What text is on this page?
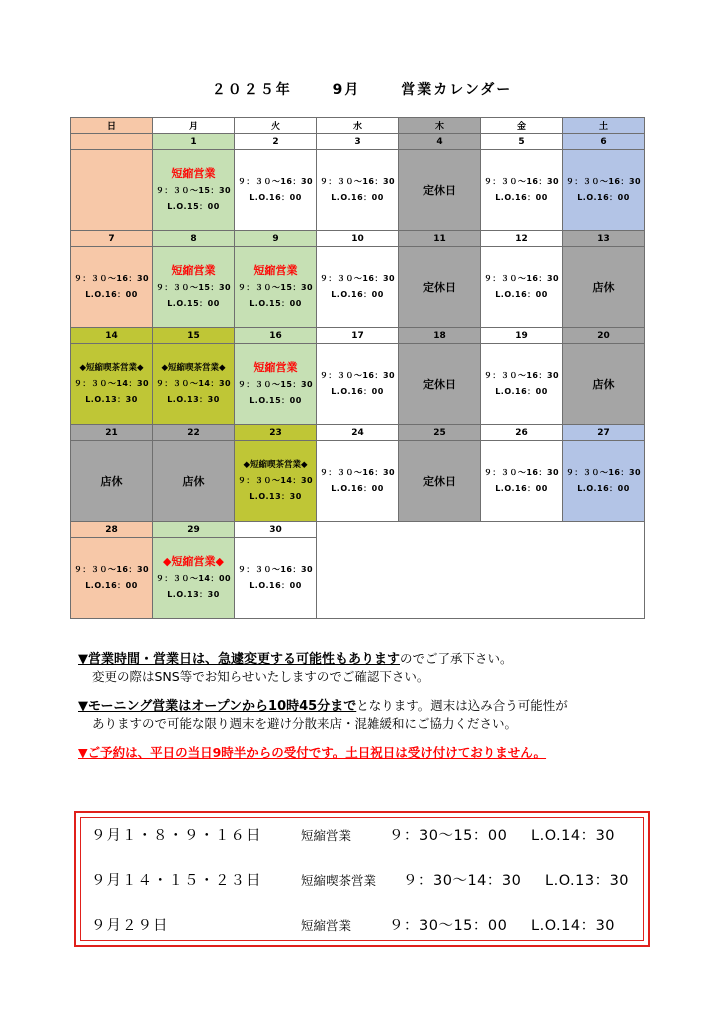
２０２５年	9月	営業カレンダー
日	月	火	水	木	金	土
	1	2	3	4	5	6

	短縮営業
９：３０～15：30
L.O.15：00	９：３０～16：30
L.O.16：00	９：３０～16：30
L.O.16：00	定休日	９：３０～16：30
L.O.16：00	９：３０～16：30
L.O.16：00

7	8	9	10	11	12	13

９：３０～16：30
L.O.16：00	短縮営業
９：３０～15：30
L.O.15：00	短縮営業
９：３０～15：30
L.O.15：00	９：３０～16：30
L.O.16：00	定休日	９：３０～16：30
L.O.16：00	店休
14	15	16	17	18	19	20

◆短縮喫茶営業◆
９：３０～14：30
L.O.13：30	◆短縮喫茶営業◆
９：３０～14：30
L.O.13：30	短縮営業
９：３０～15：30
L.O.15：00	９：３０～16：30
L.O.16：00	定休日	９：３０～16：30
L.O.16：00	店休
21	22	23	24	25	26	27
店休	店休	◆短縮喫茶営業◆
９：３０～14：30
L.O.13：30	９：３０～16：30
L.O.16：00	定休日	９：３０～16：30
L.O.16：00	９：３０～16：30
L.O.16：00

28	29	30				

９：３０～16：30
L.O.16：00	◆短縮営業◆
９：３０～14：00
L.O.13：30	９：３０～16：30
L.O.16：00				

▼営業時間・営業日は、急遽変更する可能性もありますのでご了承下さい。
変更の際はSNS等でお知らせいたしますのでご確認下さい。
▼モーニング営業はオープンから10時45分までとなります。週末は込み合う可能性が
ありますので可能な限り週末を避け分散来店・混雑緩和にご協力ください。
▼ご予約は、平日の当日9時半からの受付です。土日祝日は受け付けておりません。
９月１・８・９・１６日	短縮営業	９：30～15：00 L.O.14：30
９月１４・１５・２３日	短縮喫茶営業 ９：30～14：30 L.O.13：30
９月２９日	短縮営業	９：30～15：00 L.O.14：30
